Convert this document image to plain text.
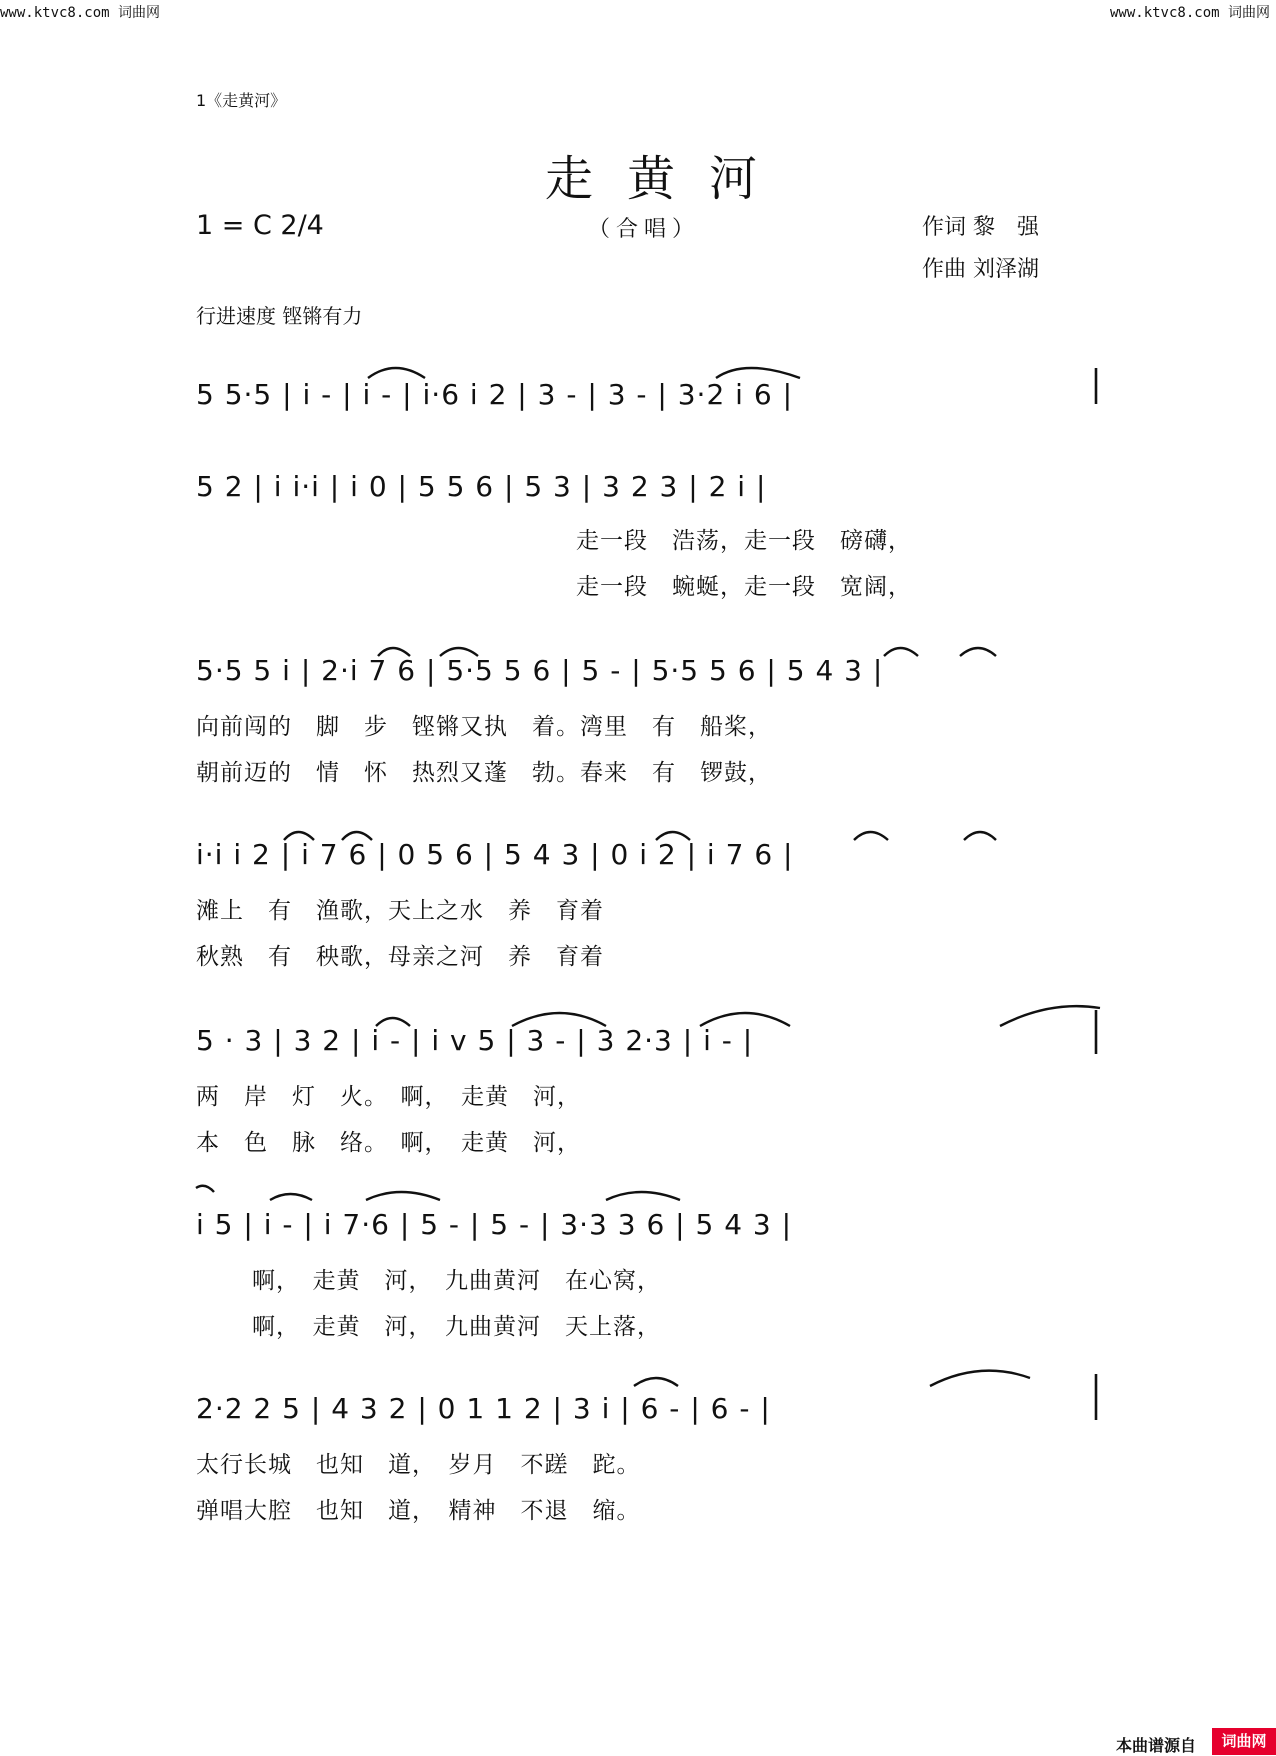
www.ktvc8.com 词曲网	www.ktvc8.com 词曲网
1《走黄河》
走黄河
1 = C 2/4	（合唱）	作词 黎　强
作曲 刘泽湖
行进速度 铿锵有力
5 5·5 | i - | i - | i·6 i 2 | 3 - | 3 - | 3·2 i 6 |
5 2 | i i·i | i 0 | 5 5 6 | 5 3 | 3 2 3 | 2 i |
走一段　浩荡，走一段　磅礴，
走一段　蜿蜒，走一段　宽阔，
5·5 5 i | 2·i 7 6 | 5·5 5 6 | 5 - | 5·5 5 6 | 5 4 3 |
向前闯的　脚　步　铿锵又执　着。湾里　有　船桨，
朝前迈的　情　怀　热烈又蓬　勃。春来　有　锣鼓，
i·i i 2 | i 7 6 | 0 5 6 | 5 4 3 | 0 i 2 | i 7 6 |
滩上　有　渔歌，天上之水　养　育着
秋熟　有　秧歌，母亲之河　养　育着
5 · 3 | 3 2 | i - | i v 5 | 3 - | 3 2·3 | i - |
两　岸　灯　火。　啊，　走黄　河，
本　色　脉　络。　啊，　走黄　河，
i 5 | i - | i 7·6 | 5 - | 5 - | 3·3 3 6 | 5 4 3 |
啊，　走黄　河，　九曲黄河　在心窝，
啊，　走黄　河，　九曲黄河　天上落，
2·2 2 5 | 4 3 2 | 0 1 1 2 | 3 i | 6 - | 6 - |
太行长城　也知　道，　岁月　不蹉　跎。
弹唱大腔　也知　道，　精神　不退　缩。
本曲谱源自	词曲网
